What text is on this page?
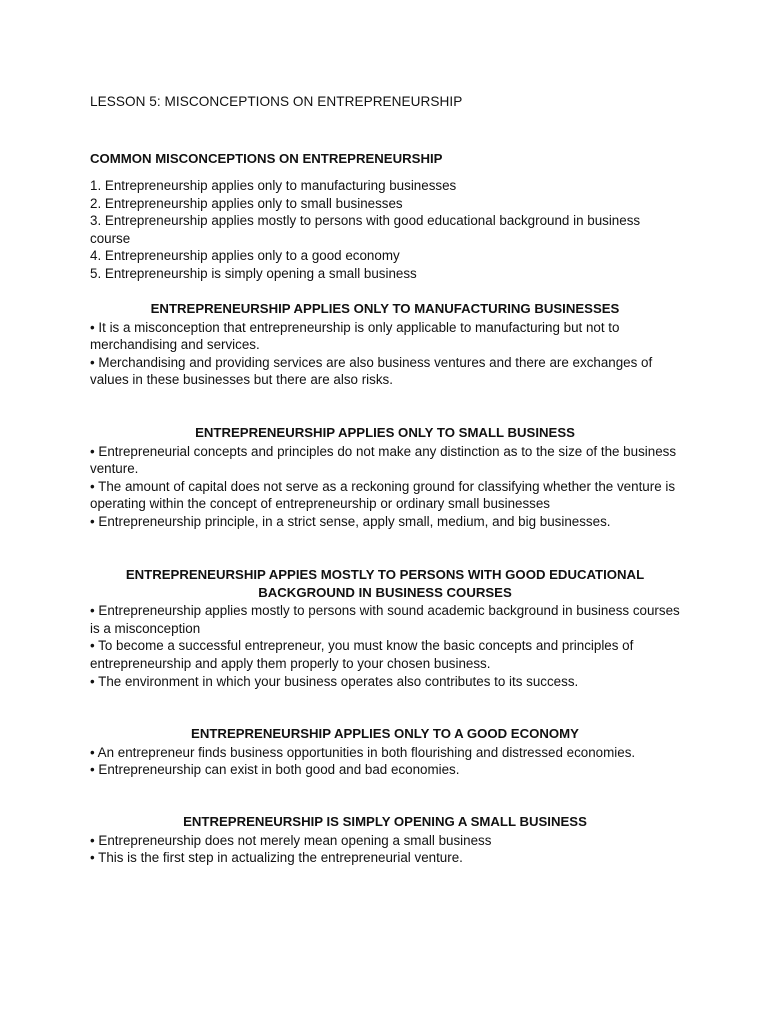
LESSON 5: MISCONCEPTIONS ON ENTREPRENEURSHIP
COMMON MISCONCEPTIONS ON ENTREPRENEURSHIP
1. Entrepreneurship applies only to manufacturing businesses
2. Entrepreneurship applies only to small businesses
3. Entrepreneurship applies mostly to persons with good educational background in business course
4. Entrepreneurship applies only to a good economy
5. Entrepreneurship is simply opening a small business
ENTREPRENEURSHIP APPLIES ONLY TO MANUFACTURING BUSINESSES
• It is a misconception that entrepreneurship is only applicable to manufacturing but not to merchandising and services.
• Merchandising and providing services are also business ventures and there are exchanges of values in these businesses but there are also risks.
ENTREPRENEURSHIP APPLIES ONLY TO SMALL BUSINESS
• Entrepreneurial concepts and principles do not make any distinction as to the size of the business venture.
• The amount of capital does not serve as a reckoning ground for classifying whether the venture is operating within the concept of entrepreneurship or ordinary small businesses
• Entrepreneurship principle, in a strict sense, apply small, medium, and big businesses.
ENTREPRENEURSHIP APPIES MOSTLY TO PERSONS WITH GOOD EDUCATIONAL BACKGROUND IN BUSINESS COURSES
• Entrepreneurship applies mostly to persons with sound academic background in business courses is a misconception
• To become a successful entrepreneur, you must know the basic concepts and principles of entrepreneurship and apply them properly to your chosen business.
• The environment in which your business operates also contributes to its success.
ENTREPRENEURSHIP APPLIES ONLY TO A GOOD ECONOMY
• An entrepreneur finds business opportunities in both flourishing and distressed economies.
• Entrepreneurship can exist in both good and bad economies.
ENTREPRENEURSHIP IS SIMPLY OPENING A SMALL BUSINESS
• Entrepreneurship does not merely mean opening a small business
• This is the first step in actualizing the entrepreneurial venture.
